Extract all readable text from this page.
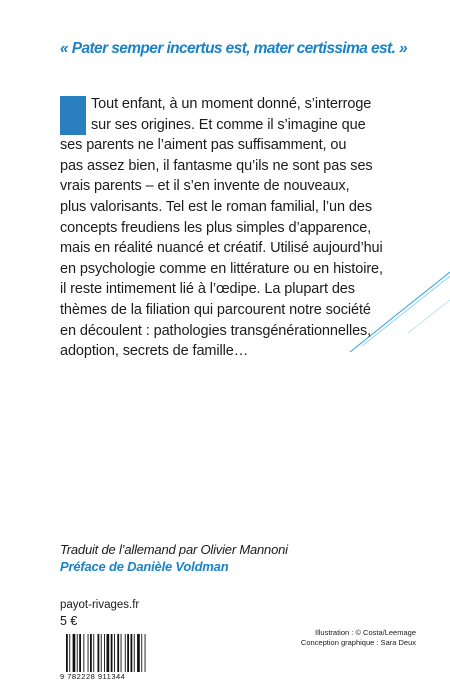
« Pater semper incertus est, mater certissima est. »
Tout enfant, à un moment donné, s’interroge
sur ses origines. Et comme il s’imagine que
ses parents ne l’aiment pas suffisamment, ou
pas assez bien, il fantasme qu’ils ne sont pas ses
vrais parents – et il s’en invente de nouveaux,
plus valorisants. Tel est le roman familial, l’un des
concepts freudiens les plus simples d’apparence,
mais en réalité nuancé et créatif. Utilisé aujourd’hui
en psychologie comme en littérature ou en histoire,
il reste intimement lié à l’œdipe. La plupart des
thèmes de la filiation qui parcourent notre société
en découlent : pathologies transgénérationnelles,
adoption, secrets de famille…
Traduit de l’allemand par Olivier Mannoni
Préface de Danièle Voldman
payot-rivages.fr
5 €
9 782228 911344
Illustration : © Costa/Leemage
Conception graphique : Sara Deux
